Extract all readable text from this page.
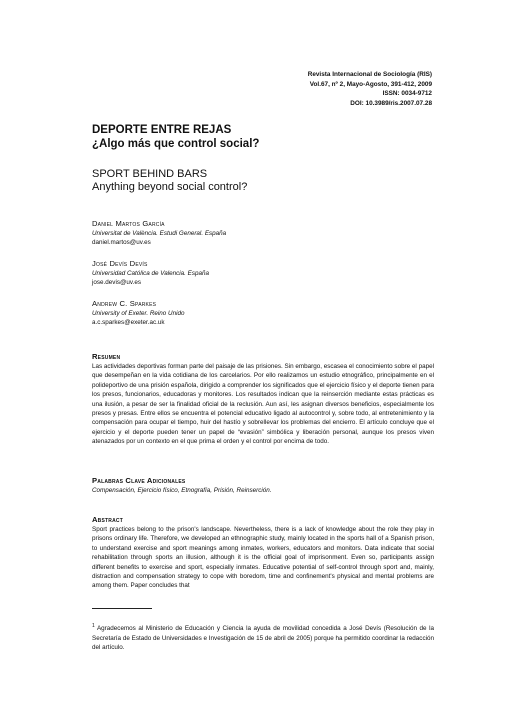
Revista Internacional de Sociología (RIS)
Vol.67, nº 2, Mayo-Agosto, 391-412, 2009
ISSN: 0034-9712
DOI: 10.3989/ris.2007.07.28
DEPORTE ENTRE REJAS
¿Algo más que control social?
SPORT BEHIND BARS
Anything beyond social control?
Daniel Martos García
Universitat de València. Estudi General. España
daniel.martos@uv.es
José Devís Devís
Universidad Católica de Valencia. España
jose.devis@uv.es
Andrew C. Sparkes
University of Exeter. Reino Unido
a.c.sparkes@exeter.ac.uk
Resumen
Las actividades deportivas forman parte del paisaje de las prisiones. Sin embargo, escasea el conocimiento sobre el papel que desempeñan en la vida cotidiana de los carcelarios. Por ello realizamos un estudio etnográfico, principalmente en el polideportivo de una prisión española, dirigido a comprender los significados que el ejercicio físico y el deporte tienen para los presos, funcionarios, educadoras y monitores. Los resultados indican que la reinserción mediante estas prácticas es una ilusión, a pesar de ser la finalidad oficial de la reclusión. Aun así, les asignan diversos beneficios, especialmente los presos y presas. Entre ellos se encuentra el potencial educativo ligado al autocontrol y, sobre todo, al entretenimiento y la compensación para ocupar el tiempo, huir del hastío y sobrellevar los problemas del encierro. El artículo concluye que el ejercicio y el deporte pueden tener un papel de “evasión” simbólica y liberación personal, aunque los presos viven atenazados por un contexto en el que prima el orden y el control por encima de todo.
Palabras Clave Adicionales
Compensación, Ejercicio físico, Etnografía, Prisión, Reinserción.
Abstract
Sport practices belong to the prison's landscape. Nevertheless, there is a lack of knowledge about the role they play in prisons ordinary life. Therefore, we developed an ethnographic study, mainly located in the sports hall of a Spanish prison, to understand exercise and sport meanings among inmates, workers, educators and monitors. Data indicate that social rehabilitation through sports an illusion, although it is the official goal of imprisonment. Even so, participants assign different benefits to exercise and sport, especially inmates. Educative potential of self-control through sport and, mainly, distraction and compensation strategy to cope with boredom, time and confinement's physical and mental problems are among them. Paper concludes that
$^1$ Agradecemos al Ministerio de Educación y Ciencia la ayuda de movilidad concedida a José Devís (Resolución de la Secretaría de Estado de Universidades e Investigación de 15 de abril de 2005) porque ha permitido coordinar la redacción del artículo.
